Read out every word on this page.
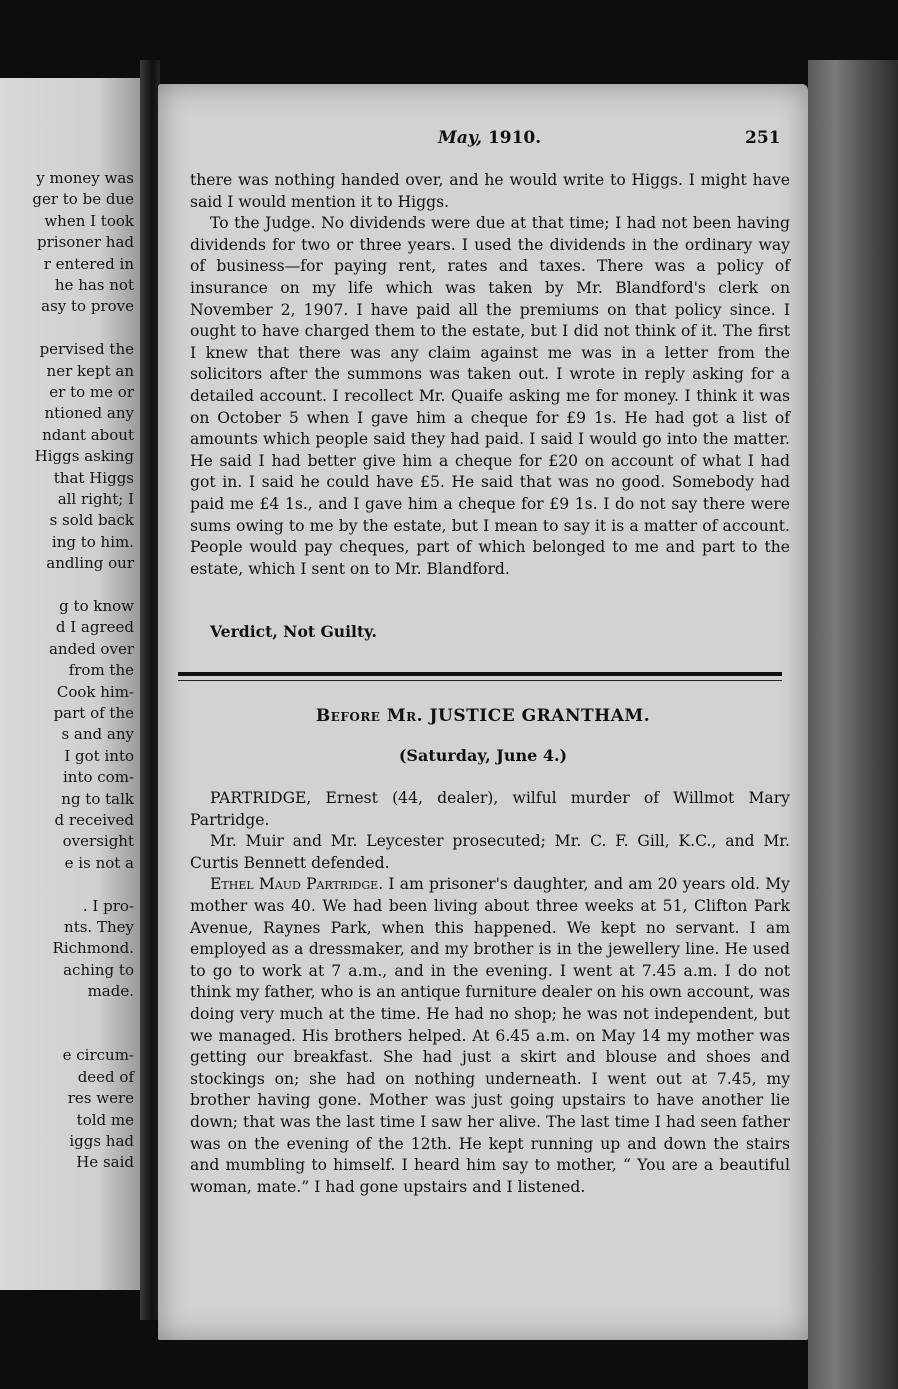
y money was
ger to be due
when I took
prisoner had
r entered in
he has not
asy to prove
pervised the
ner kept an
er to me or
ntioned any
ndant about
Higgs asking
that Higgs
all right; I
s sold back
ing to him.
andling our
g to know
d I agreed
anded over
from the
Cook him-
part of the
s and any
I got into
into com-
ng to talk
d received
oversight
e is not a
. I pro-
nts. They
Richmond.
aching to
made.
e circum-
deed of
res were
told me
iggs had
He said
May, 1910.	251

there was nothing handed over, and he would write to Higgs. I might have said I would mention it to Higgs.

To the Judge. No dividends were due at that time; I had not been having dividends for two or three years. I used the dividends in the ordinary way of business—for paying rent, rates and taxes. There was a policy of insurance on my life which was taken by Mr. Blandford's clerk on November 2, 1907. I have paid all the premiums on that policy since. I ought to have charged them to the estate, but I did not think of it. The first I knew that there was any claim against me was in a letter from the solicitors after the summons was taken out. I wrote in reply asking for a detailed account. I recollect Mr. Quaife asking me for money. I think it was on October 5 when I gave him a cheque for £9 1s. He had got a list of amounts which people said they had paid. I said I would go into the matter. He said I had better give him a cheque for £20 on account of what I had got in. I said he could have £5. He said that was no good. Somebody had paid me £4 1s., and I gave him a cheque for £9 1s. I do not say there were sums owing to me by the estate, but I mean to say it is a matter of account. People would pay cheques, part of which belonged to me and part to the estate, which I sent on to Mr. Blandford.

Verdict, Not Guilty.
Before Mr. JUSTICE GRANTHAM.
(Saturday, June 4.)

PARTRIDGE, Ernest (44, dealer), wilful murder of Willmot Mary Partridge.

Mr. Muir and Mr. Leycester prosecuted; Mr. C. F. Gill, K.C., and Mr. Curtis Bennett defended.

Ethel Maud Partridge. I am prisoner's daughter, and am 20 years old. My mother was 40. We had been living about three weeks at 51, Clifton Park Avenue, Raynes Park, when this happened. We kept no servant. I am employed as a dressmaker, and my brother is in the jewellery line. He used to go to work at 7 a.m., and in the evening. I went at 7.45 a.m. I do not think my father, who is an antique furniture dealer on his own account, was doing very much at the time. He had no shop; he was not independent, but we managed. His brothers helped. At 6.45 a.m. on May 14 my mother was getting our breakfast. She had just a skirt and blouse and shoes and stockings on; she had on nothing underneath. I went out at 7.45, my brother having gone. Mother was just going upstairs to have another lie down; that was the last time I saw her alive. The last time I had seen father was on the evening of the 12th. He kept running up and down the stairs and mumbling to himself. I heard him say to mother, “ You are a beautiful woman, mate.” I had gone upstairs and I listened.
